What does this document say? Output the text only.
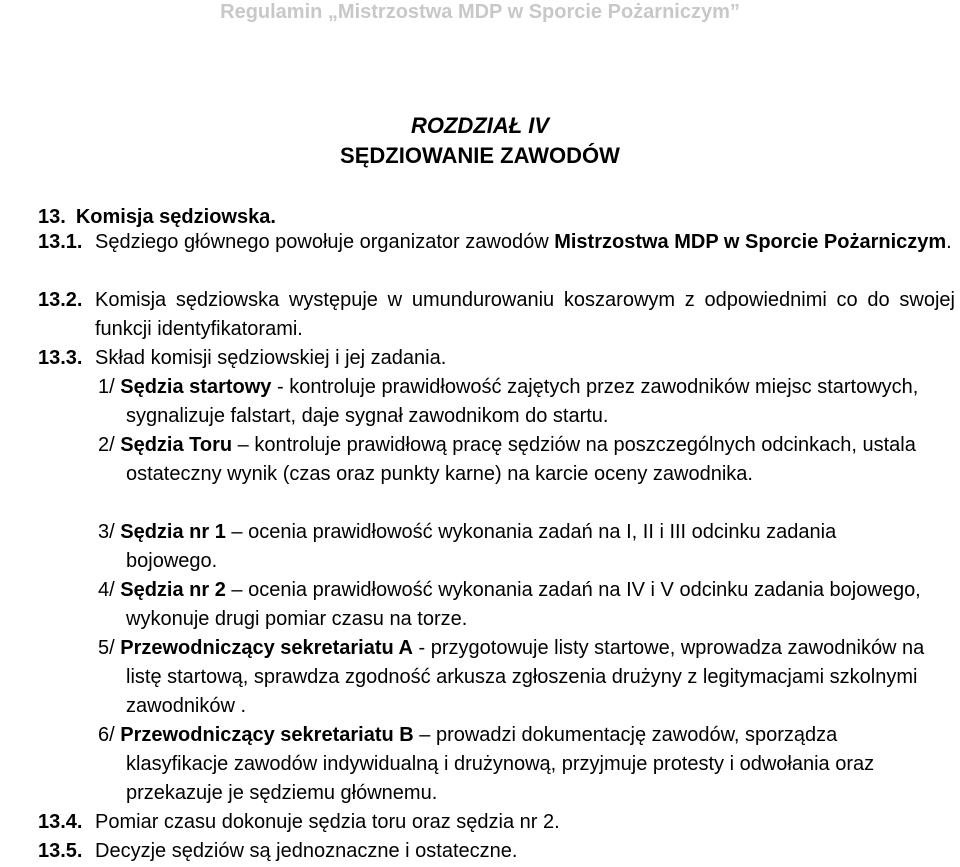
Regulamin „Mistrzostwa MDP w Sporcie Pożarniczym”
ROZDZIAŁ IV
SĘDZIOWANIE ZAWODÓW
13. Komisja sędziowska.
13.1. Sędziego głównego powołuje organizator zawodów Mistrzostwa MDP w Sporcie Pożarniczym.
13.2. Komisja sędziowska występuje w umundurowaniu koszarowym z odpowiednimi co do swojej funkcji identyfikatorami.
13.3. Skład komisji sędziowskiej i jej zadania.
1/ Sędzia startowy - kontroluje prawidłowość zajętych przez zawodników miejsc startowych, sygnalizuje falstart, daje sygnał zawodnikom do startu.
2/ Sędzia Toru – kontroluje prawidłową pracę sędziów na poszczególnych odcinkach, ustala ostateczny wynik (czas oraz punkty karne) na karcie oceny zawodnika.
3/ Sędzia nr 1 – ocenia prawidłowość wykonania zadań na I, II i III odcinku zadania bojowego.
4/ Sędzia nr 2 – ocenia prawidłowość wykonania zadań na IV i V odcinku zadania bojowego, wykonuje drugi pomiar czasu na torze.
5/ Przewodniczący sekretariatu A - przygotowuje listy startowe, wprowadza zawodników na listę startową, sprawdza zgodność arkusza zgłoszenia drużyny z legitymacjami szkolnymi zawodników .
6/ Przewodniczący sekretariatu B – prowadzi dokumentację zawodów, sporządza klasyfikacje zawodów indywidualną i drużynową, przyjmuje protesty i odwołania oraz przekazuje je sędziemu głównemu.
13.4. Pomiar czasu dokonuje sędzia toru oraz sędzia nr 2.
13.5. Decyzje sędziów są jednoznaczne i ostateczne.
